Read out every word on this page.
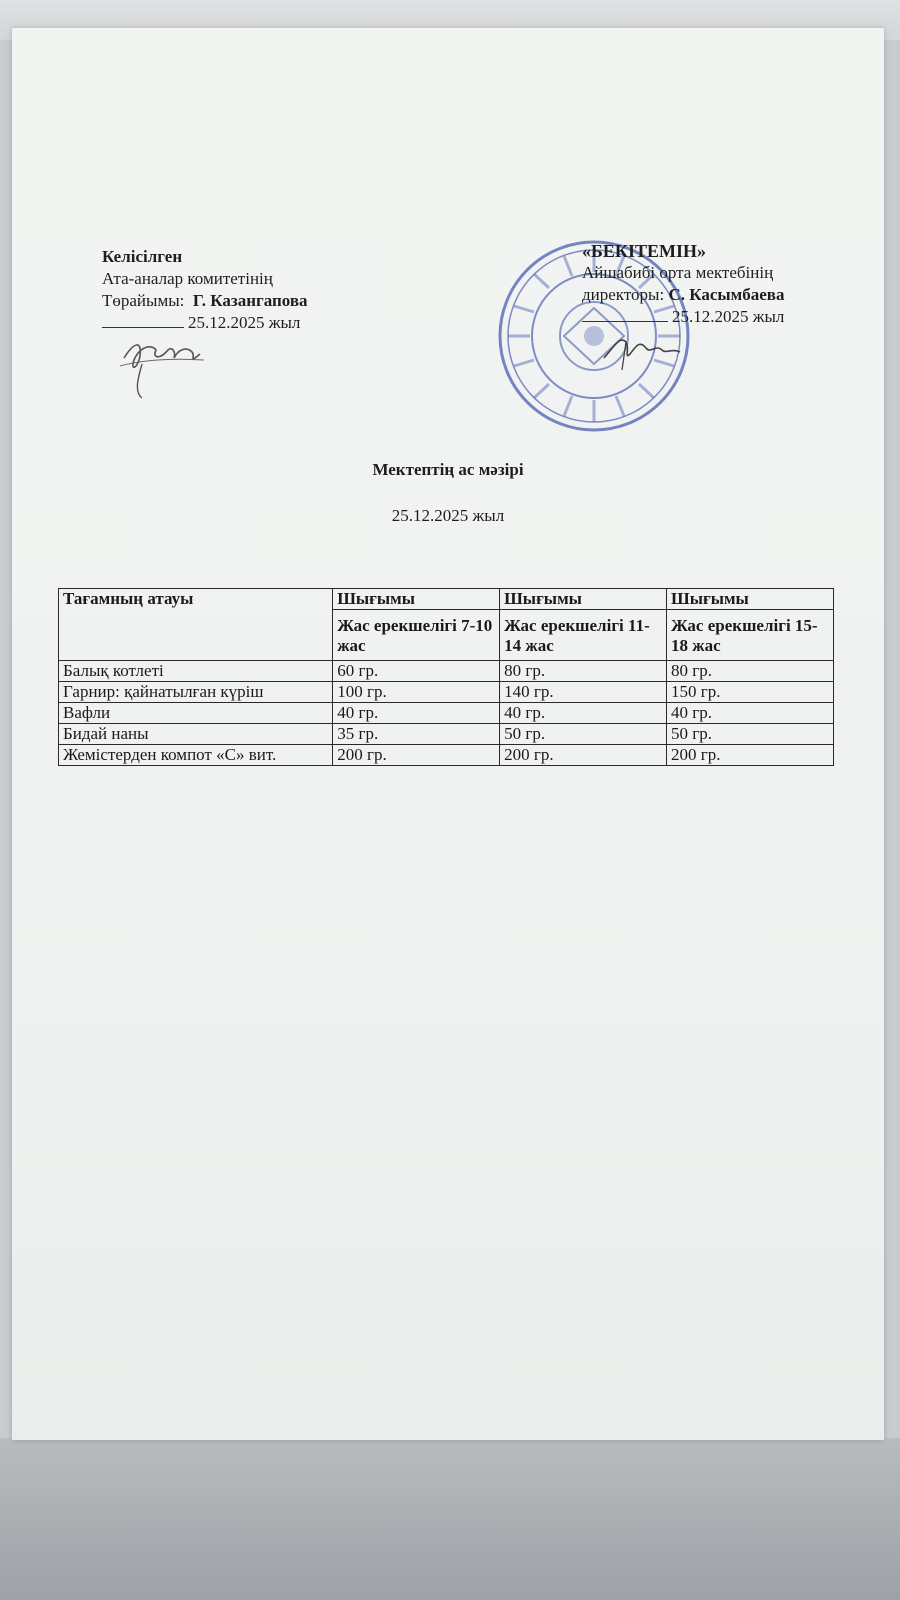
Келісілген
Ата-аналар комитетінің
Төрайымы: Г. Казангапова
25.12.2025 жыл
«БЕКІТЕМІН»
Айшабибі орта мектебінің
директоры: С. Касымбаева
25.12.2025 жыл
Мектептің ас мәзірі
25.12.2025 жыл
Тағамның атауы	Шығымы	Шығымы	Шығымы
	Жас ерекшелігі 7-10 жас	Жас ерекшелігі 11-14 жас	Жас ерекшелігі 15-18 жас
Балық котлеті	60 гр.	80 гр.	80 гр.
Гарнир: қайнатылған күріш	100 гр.	140 гр.	150 гр.
Вафли	40 гр.	40 гр.	40 гр.
Бидай наны	35 гр.	50 гр.	50 гр.
Жемістерден компот «С» вит.	200 гр.	200 гр.	200 гр.
